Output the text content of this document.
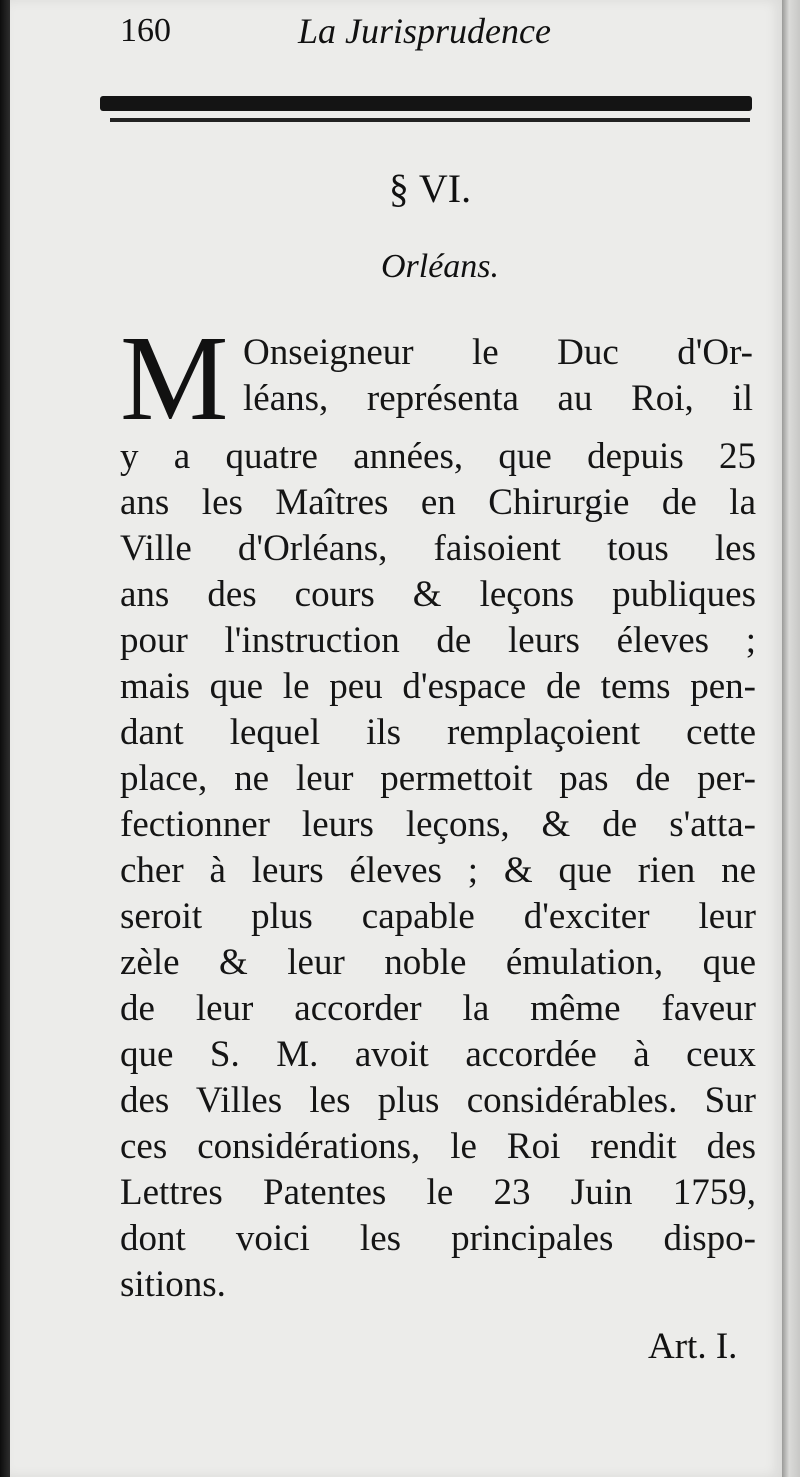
160	La Jurisprudence
§ VI.
Orléans.
M Onseigneur le Duc d'Or-
léans, représenta au Roi, il
y a quatre années, que depuis 25
ans les Maîtres en Chirurgie de la
Ville d'Orléans, faisoient tous les
ans des cours & leçons publiques
pour l'instruction de leurs éleves ;
mais que le peu d'espace de tems pen-
dant lequel ils remplaçoient cette
place, ne leur permettoit pas de per-
fectionner leurs leçons, & de s'atta-
cher à leurs éleves ; & que rien ne
seroit plus capable d'exciter leur
zèle & leur noble émulation, que
de leur accorder la même faveur
que S. M. avoit accordée à ceux
des Villes les plus considérables. Sur
ces considérations, le Roi rendit des
Lettres Patentes le 23 Juin 1759,
dont voici les principales dispo-
sitions.
Art. I.
